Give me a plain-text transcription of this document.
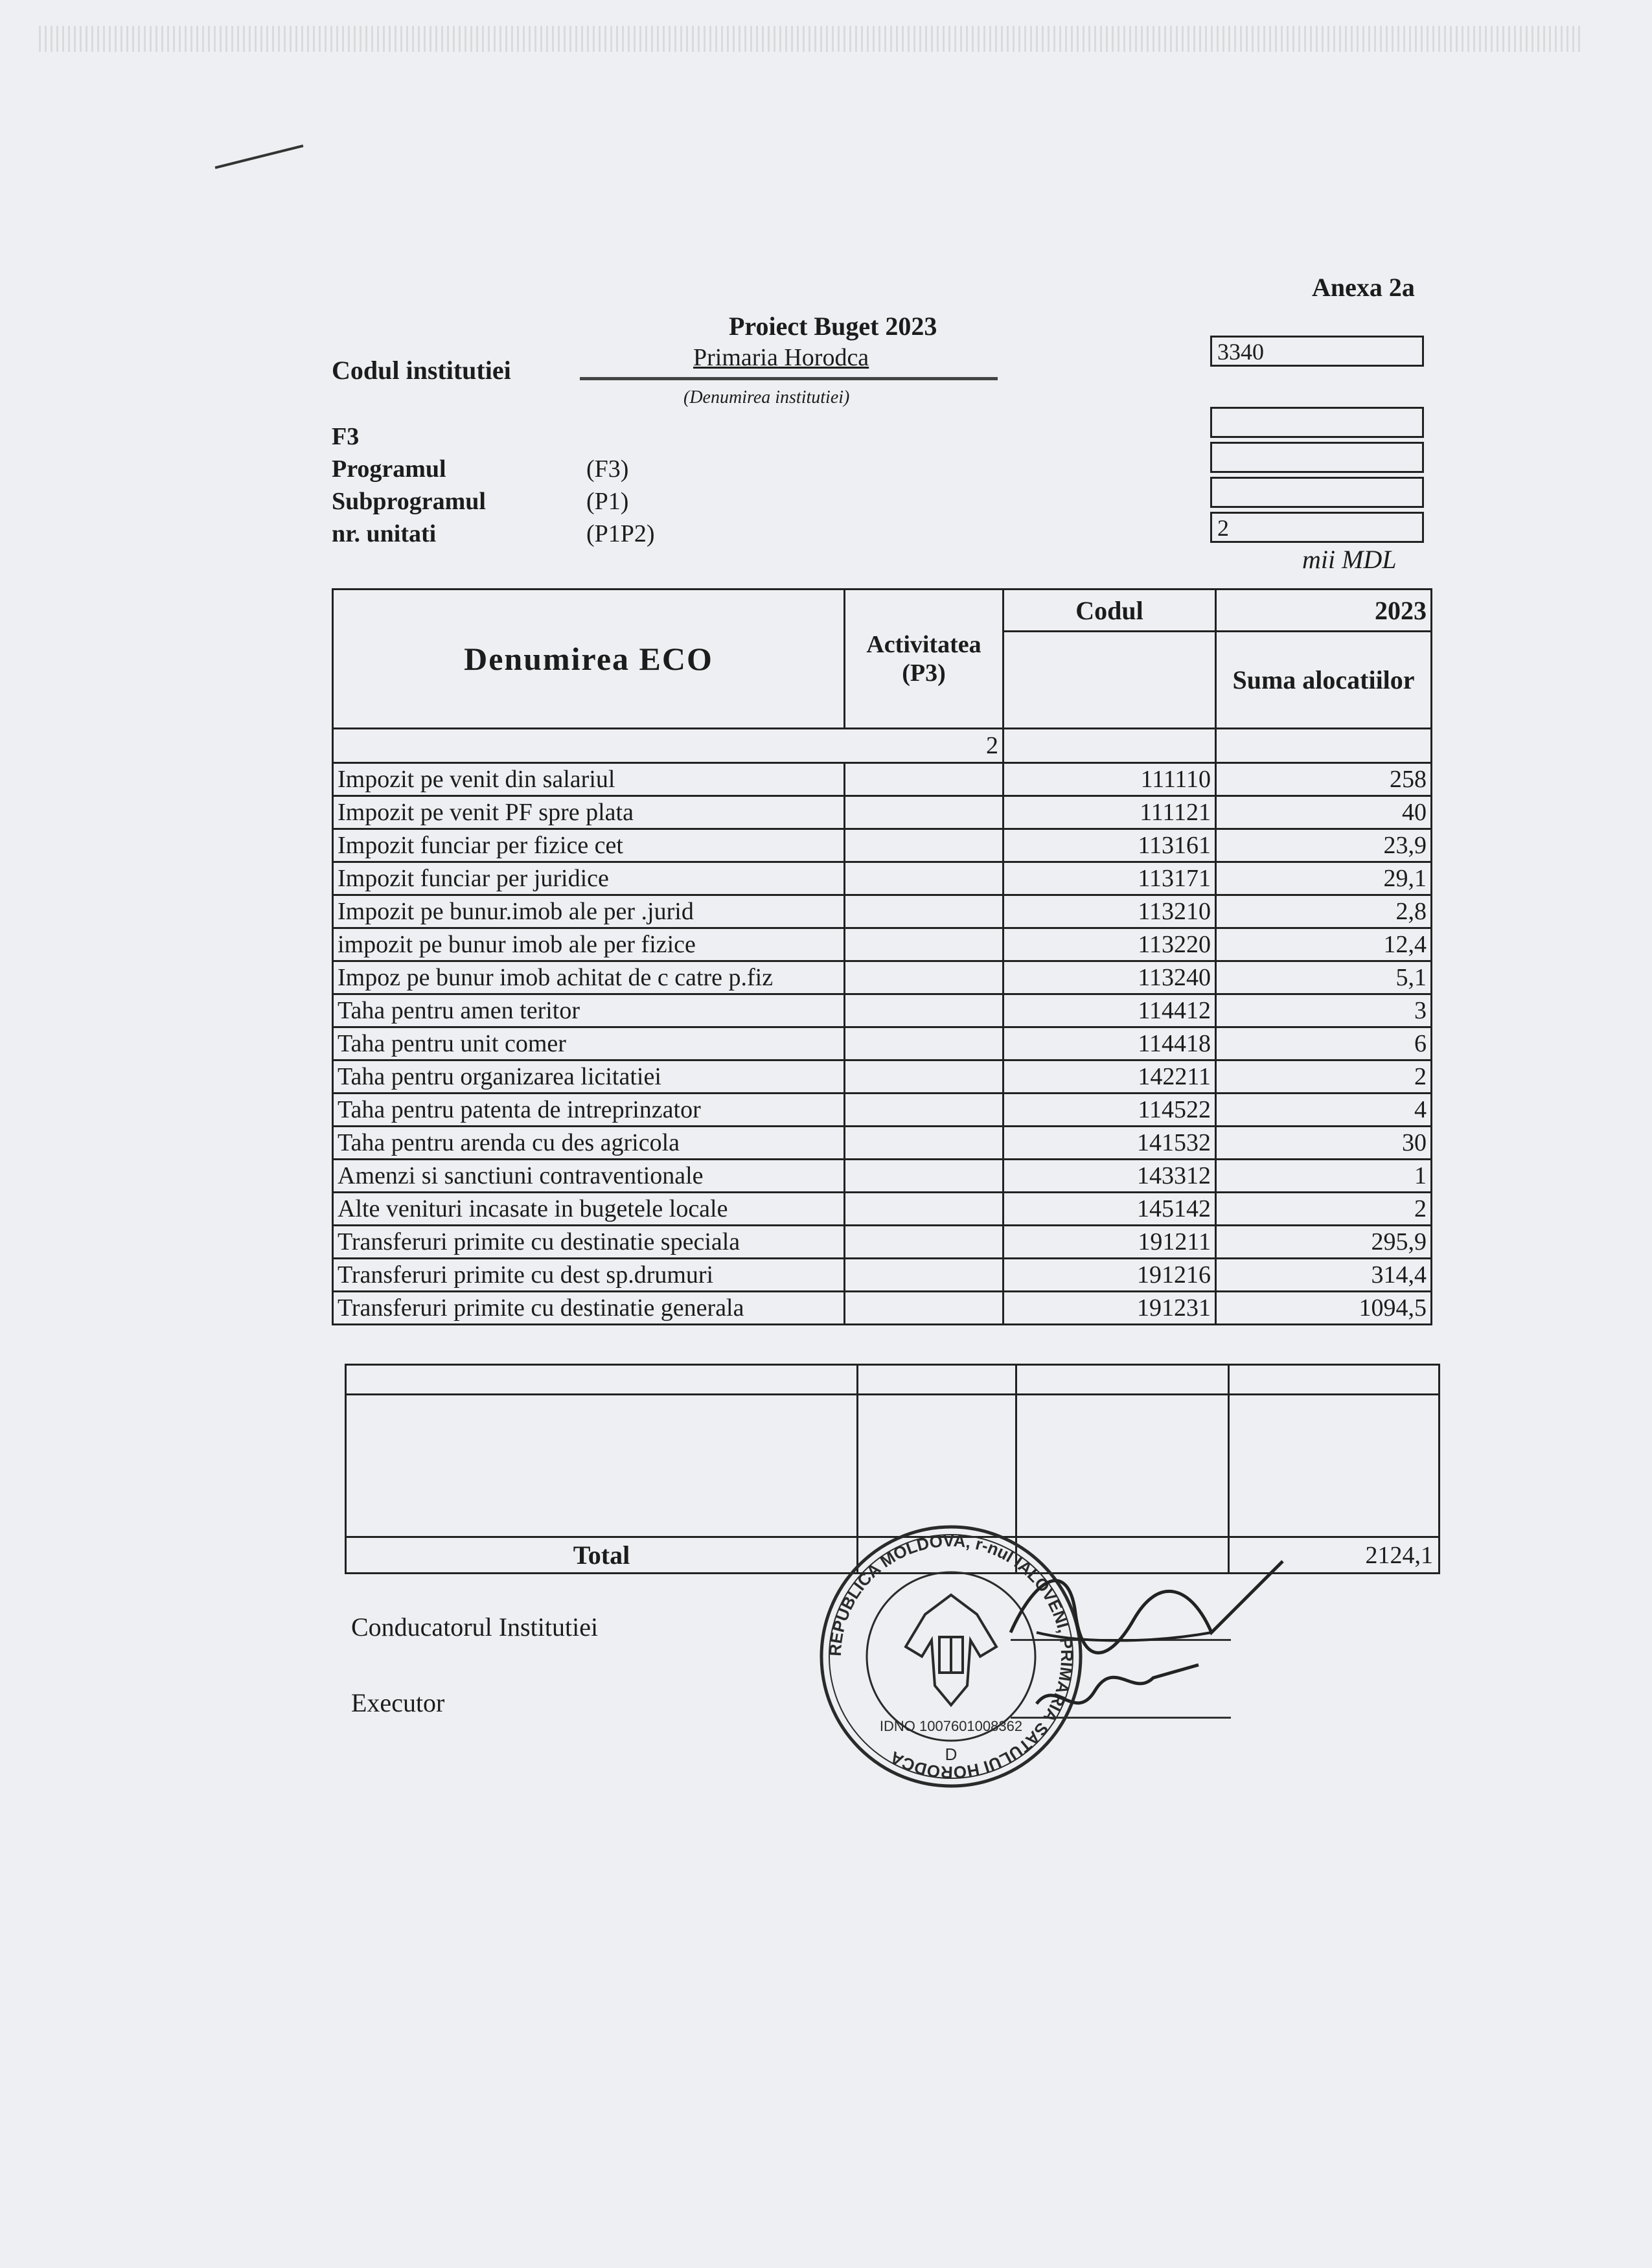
Anexa 2a
Proiect Buget 2023
Codul institutiei	Primaria Horodca
(Denumirea institutiei)
3340
2
F3
Programul	(F3)
Subprogramul	(P1)
nr. unitati	(P1P2)
mii MDL
Denumirea ECO	Activitatea (P3)	Codul	2023
			Suma alocatiilor
2			
Impozit pe venit din salariul		111110	258
Impozit pe venit PF spre plata		111121	40
Impozit funciar per fizice cet		113161	23,9
Impozit funciar per juridice		113171	29,1
Impozit pe bunur.imob ale per .jurid		113210	2,8
impozit pe bunur imob ale per fizice		113220	12,4
Impoz pe bunur imob achitat de c catre p.fiz		113240	5,1
Taha pentru amen teritor		114412	3
Taha pentru unit comer		114418	6
Taha pentru organizarea licitatiei		142211	2
Taha pentru patenta de intreprinzator		114522	4
Taha pentru arenda cu des agricola		141532	30
Amenzi si sanctiuni contraventionale		143312	1
Alte venituri incasate in bugetele locale		145142	2
Transferuri primite cu destinatie speciala		191211	295,9
Transferuri primite cu dest sp.drumuri		191216	314,4
Transferuri primite cu destinatie generala		191231	1094,5

Total			2124,1
Conducatorul Institutiei
Executor
REPUBLICA MOLDOVA, r-nul IALOVENI, PRIMARIA SATULUI HORODCA
IDNO 1007601008362
D
